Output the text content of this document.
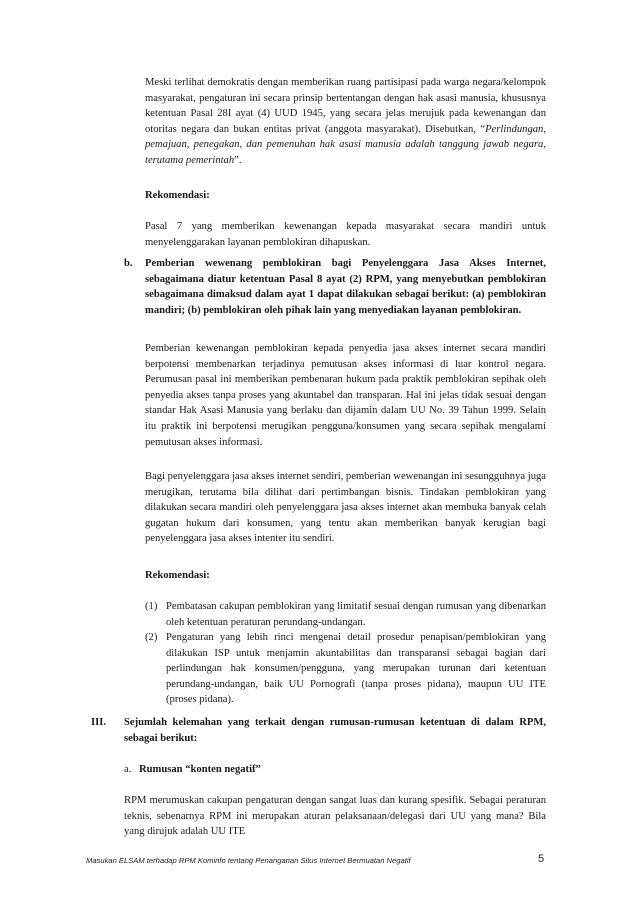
Meski terlihat demokratis dengan memberikan ruang partisipasi pada warga negara/kelompok masyarakat, pengaturan ini secara prinsip bertentangan dengan hak asasi manusia, khususnya ketentuan Pasal 28I ayat (4) UUD 1945, yang secara jelas merujuk pada kewenangan dan otoritas negara dan bukan entitas privat (anggota masyarakat). Disebutkan, “Perlindungan, pemajuan, penegakan, dan pemenuhan hak asasi manusia adalah tanggung jawab negara, terutama pemerintah”.

Rekomendasi:

Pasal 7 yang memberikan kewenangan kepada masyarakat secara mandiri untuk menyelenggarakan layanan pemblokiran dihapuskan.

b. Pemberian wewenang pemblokiran bagi Penyelenggara Jasa Akses Internet, sebagaimana diatur ketentuan Pasal 8 ayat (2) RPM, yang menyebutkan pemblokiran sebagaimana dimaksud dalam ayat 1 dapat dilakukan sebagai berikut: (a) pemblokiran mandiri; (b) pemblokiran oleh pihak lain yang menyediakan layanan pemblokiran.

Pemberian kewenangan pemblokiran kepada penyedia jasa akses internet secara mandiri berpotensi membenarkan terjadinya pemutusan akses informasi di luar kontrol negara. Perumusan pasal ini memberikan pembenaran hukum pada praktik pemblokiran sepihak oleh penyedia akses tanpa proses yang akuntabel dan transparan. Hal ini jelas tidak sesuai dengan standar Hak Asasi Manusia yang berlaku dan dijamin dalam UU No. 39 Tahun 1999. Selain itu praktik ini berpotensi merugikan pengguna/konsumen yang secara sepihak mengalami pemutusan akses informasi.

Bagi penyelenggara jasa akses internet sendiri, pemberian wewenangan ini sesungguhnya juga merugikan, terutama bila dilihat dari pertimbangan bisnis. Tindakan pemblokiran yang dilakukan secara mandiri oleh penyelenggara jasa akses internet akan membuka banyak celah gugatan hukum dari konsumen, yang tentu akan memberikan banyak kerugian bagi penyelenggara jasa akses intenter itu sendiri.

Rekomendasi:

(1) Pembatasan cakupan pemblokiran yang limitatif sesuai dengan rumusan yang dibenarkan oleh ketentuan peraturan perundang-undangan.

(2) Pengaturan yang lebih rinci mengenai detail prosedur penapisan/pemblokiran yang dilakukan ISP untuk menjamin akuntabilitas dan transparansi sebagai bagian dari perlindungan hak konsumen/pengguna, yang merupakan turunan dari ketentuan perundang-undangan, baik UU Pornografi (tanpa proses pidana), maupun UU ITE (proses pidana).

III. Sejumlah kelemahan yang terkait dengan rumusan-rumusan ketentuan di dalam RPM, sebagai berikut:

a. Rumusan “konten negatif”

RPM merumuskan cakupan pengaturan dengan sangat luas dan kurang spesifik. Sebagai peraturan teknis, sebenarnya RPM ini merupakan aturan pelaksanaan/delegasi dari UU yang mana? Bila yang dirujuk adalah UU ITE

Masukan ELSAM terhadap RPM Kominfo tentang Penanganan Situs Internet Bermuatan Negatif	5
